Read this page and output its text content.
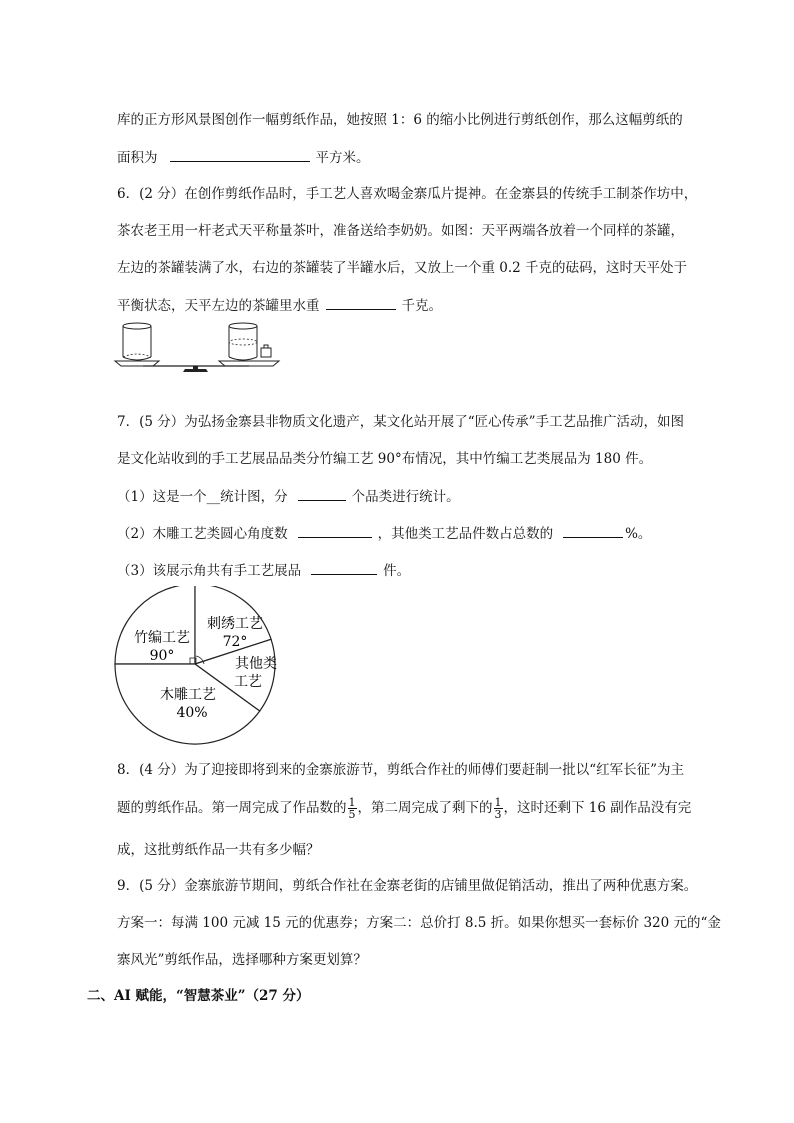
库的正方形风景图创作一幅剪纸作品，她按照 1：6 的缩小比例进行剪纸创作，那么这幅剪纸的
面积为	平方米。
6．(2 分）在创作剪纸作品时，手工艺人喜欢喝金寨瓜片提神。在金寨县的传统手工制茶作坊中，
茶农老王用一杆老式天平称量茶叶，准备送给李奶奶。如图：天平两端各放着一个同样的茶罐，
左边的茶罐装满了水，右边的茶罐装了半罐水后，又放上一个重 0.2 千克的砝码，这时天平处于
平衡状态，天平左边的茶罐里水重	千克。
7．(5 分）为弘扬金寨县非物质文化遗产，某文化站开展了“匠心传承”手工艺品推广活动，如图
是文化站收到的手工艺展品品类分竹编工艺 90°布情况，其中竹编工艺类展品为 180 件。
（1）这是一个__统计图，分	个品类进行统计。
（2）木雕工艺类圆心角度数	，其他类工艺品件数占总数的	%。
（3）该展示角共有手工艺展品	件。
竹编工艺
90°
刺绣工艺
72°
其他类
工艺
木雕工艺
40%
8．(4 分）为了迎接即将到来的金寨旅游节，剪纸合作社的师傅们要赶制一批以“红军长征”为主
题的剪纸作品。第一周完成了作品数的 $\frac{1}{5}$ ，第二周完成了剩下的 $\frac{1}{3}$ ，这时还剩下 16 副作品没有完
成，这批剪纸作品一共有多少幅？
9．(5 分）金寨旅游节期间，剪纸合作社在金寨老街的店铺里做促销活动，推出了两种优惠方案。
方案一：每满 100 元减 15 元的优惠券；方案二：总价打 8.5 折。如果你想买一套标价 320 元的“金
寨风光”剪纸作品，选择哪种方案更划算？
二、AI 赋能，“智慧茶业”（27 分）
